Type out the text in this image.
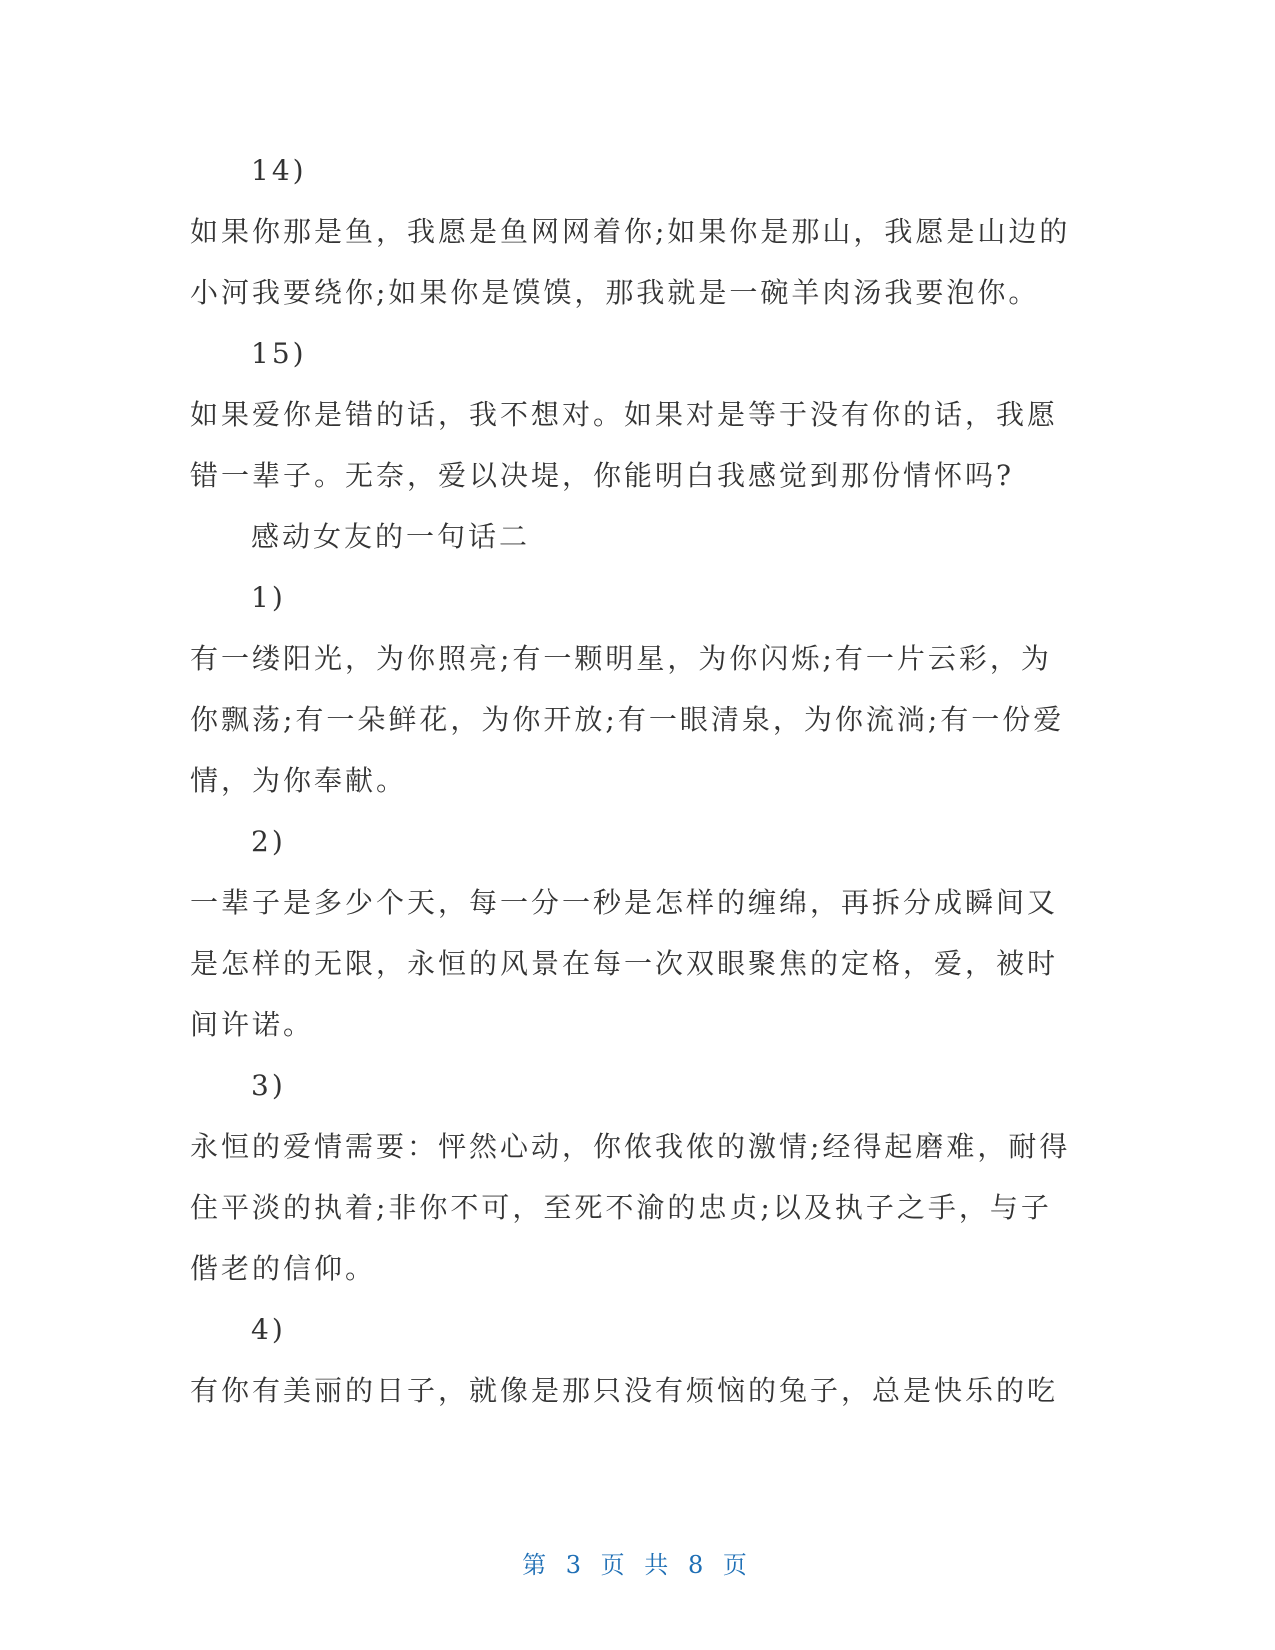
14)
如果你那是鱼，我愿是鱼网网着你;如果你是那山，我愿是山边的
小河我要绕你;如果你是馍馍，那我就是一碗羊肉汤我要泡你。
15)
如果爱你是错的话，我不想对。如果对是等于没有你的话，我愿
错一辈子。无奈，爱以决堤，你能明白我感觉到那份情怀吗?
感动女友的一句话二
1)
有一缕阳光，为你照亮;有一颗明星，为你闪烁;有一片云彩，为
你飘荡;有一朵鲜花，为你开放;有一眼清泉，为你流淌;有一份爱
情，为你奉献。
2)
一辈子是多少个天，每一分一秒是怎样的缠绵，再拆分成瞬间又
是怎样的无限，永恒的风景在每一次双眼聚焦的定格，爱，被时
间许诺。
3)
永恒的爱情需要：怦然心动，你侬我侬的激情;经得起磨难，耐得
住平淡的执着;非你不可，至死不渝的忠贞;以及执子之手，与子
偕老的信仰。
4)
有你有美丽的日子，就像是那只没有烦恼的兔子，总是快乐的吃
第 3 页 共 8 页
